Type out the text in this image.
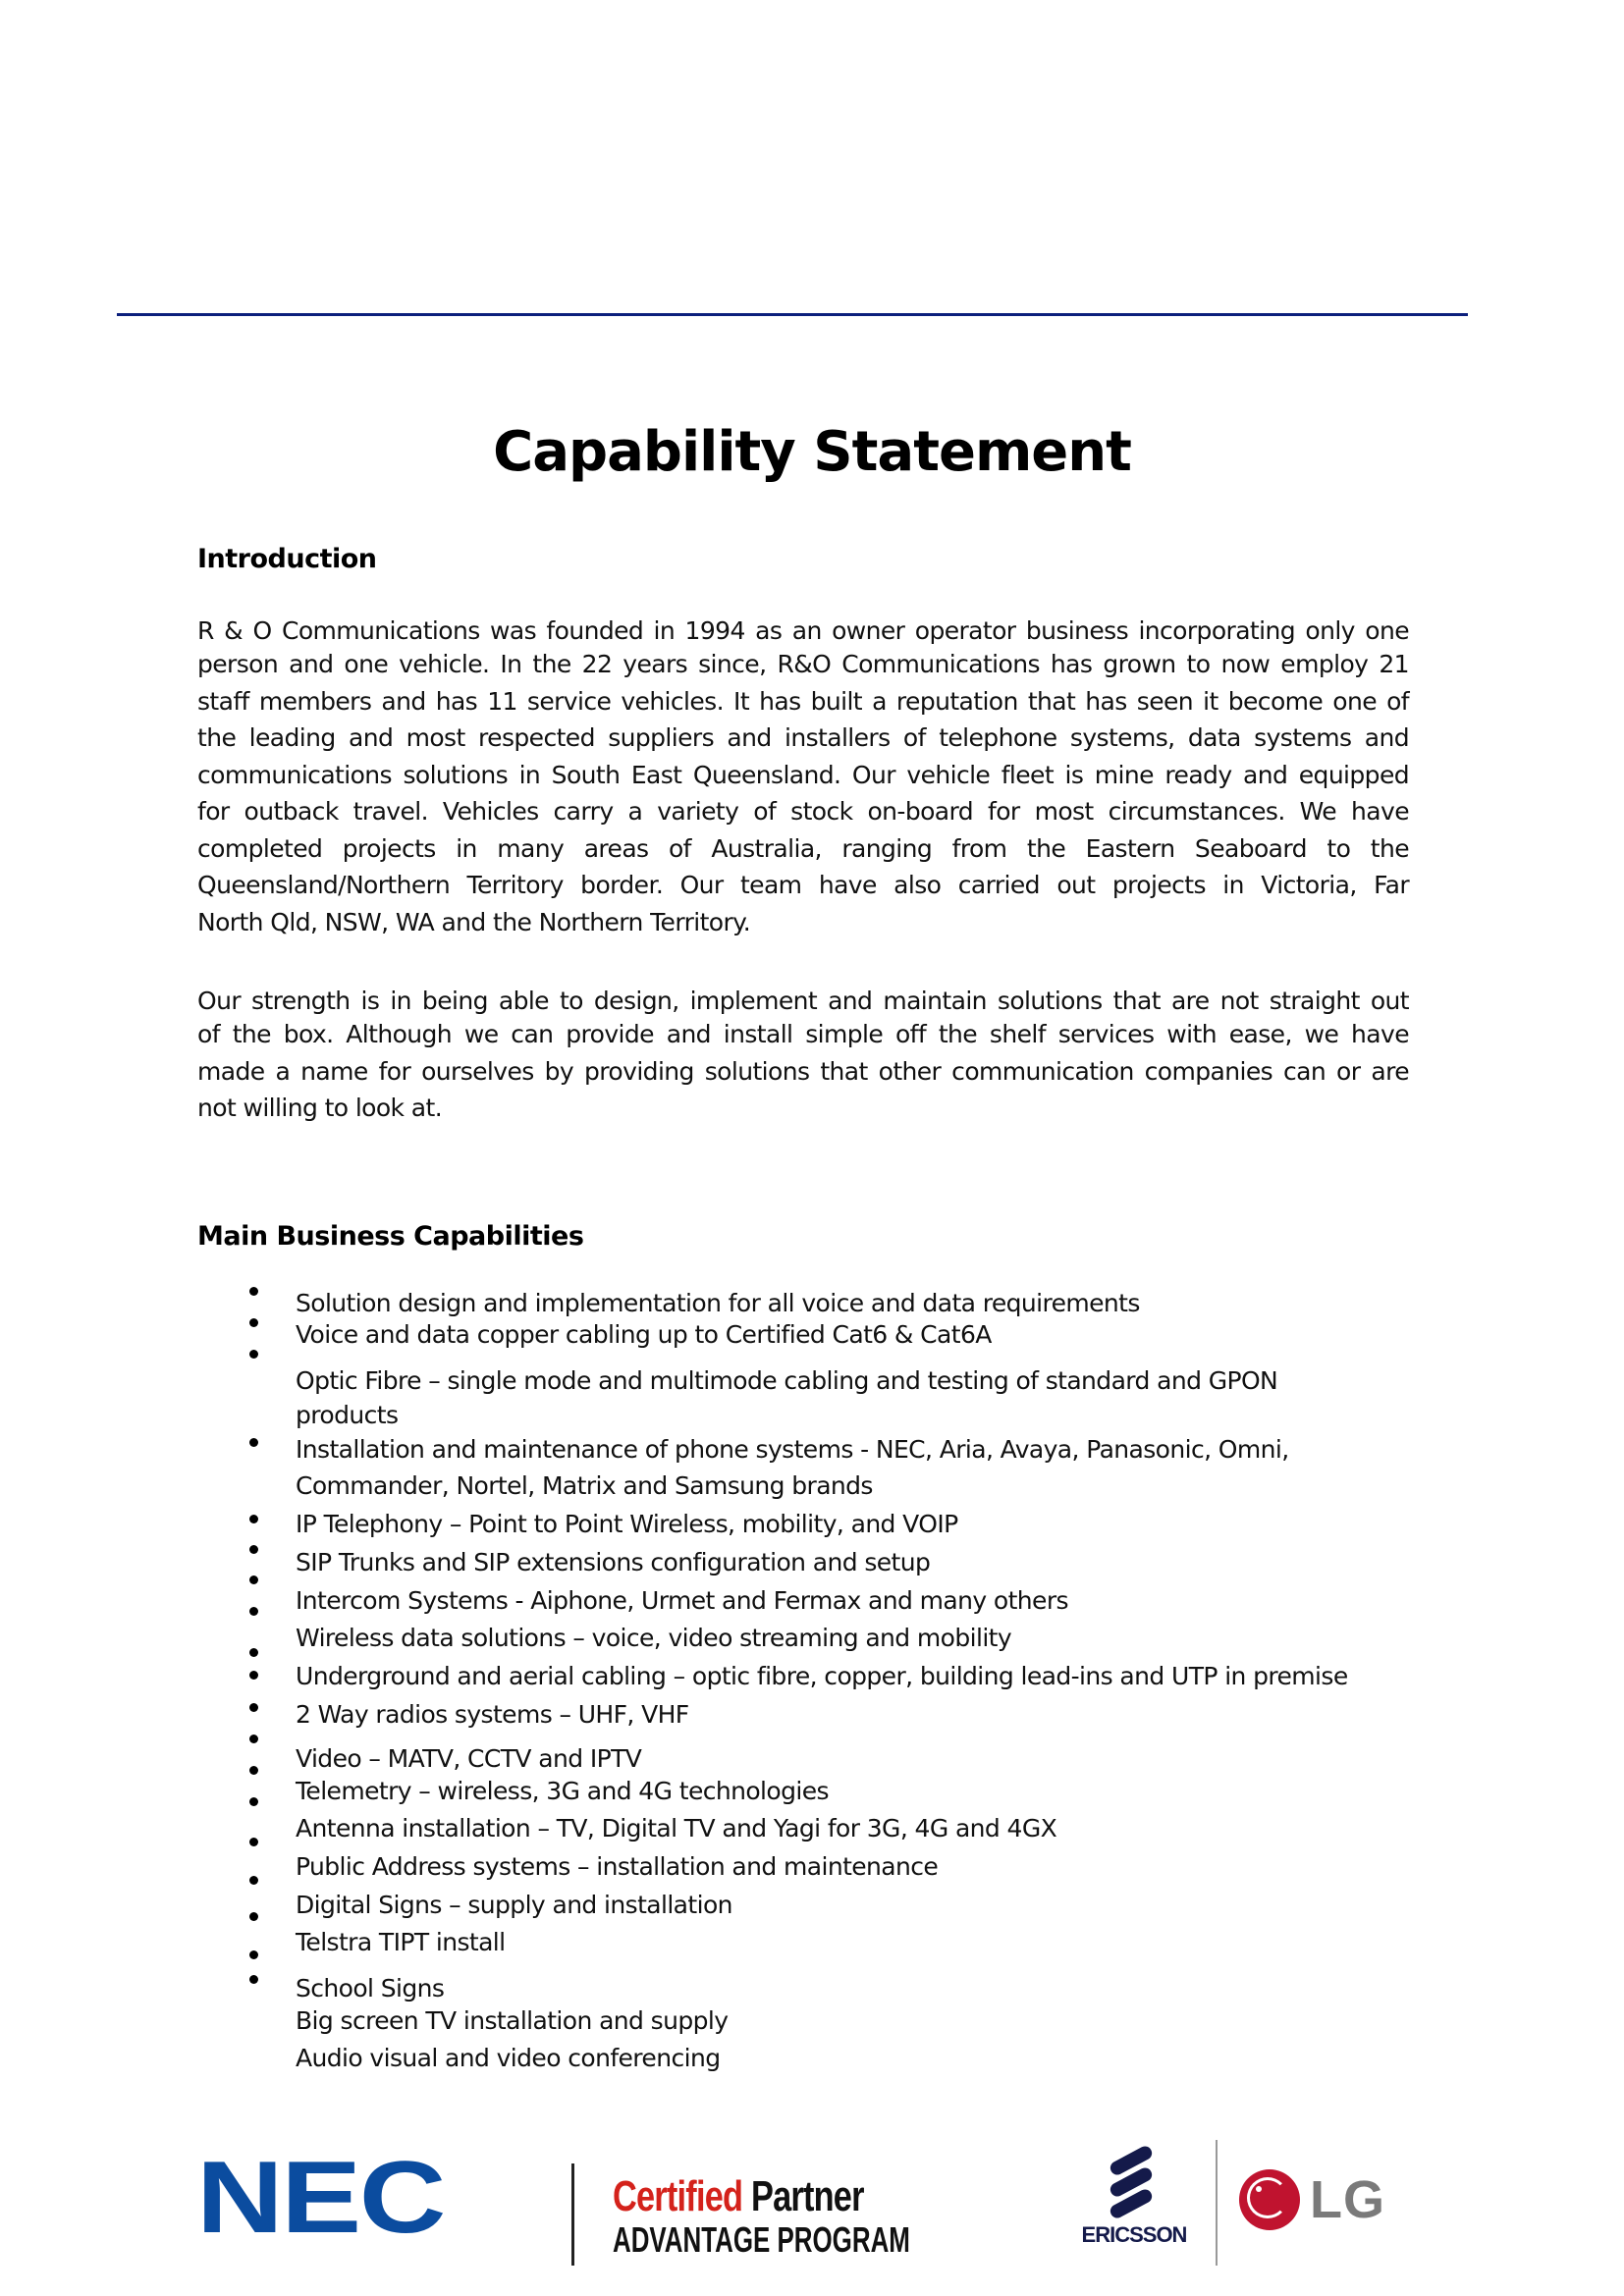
Capability Statement
Introduction
R & O Communications was founded in 1994 as an owner operator business incorporating only one
person and one vehicle. In the 22 years since, R&O Communications has grown to now employ 21
staff members and has 11 service vehicles. It has built a reputation that has seen it become one of
the leading and most respected suppliers and installers of telephone systems, data systems and
communications solutions in South East Queensland. Our vehicle fleet is mine ready and equipped
for outback travel. Vehicles carry a variety of stock on-board for most circumstances. We have
completed projects in many areas of Australia, ranging from the Eastern Seaboard to the
Queensland/Northern Territory border. Our team have also carried out projects in Victoria, Far
North Qld, NSW, WA and the Northern Territory.
Our strength is in being able to design, implement and maintain solutions that are not straight out
of the box. Although we can provide and install simple off the shelf services with ease, we have
made a name for ourselves by providing solutions that other communication companies can or are
not willing to look at.
Main Business Capabilities
Solution design and implementation for all voice and data requirements
Voice and data copper cabling up to Certified Cat6 & Cat6A
Optic Fibre – single mode and multimode cabling and testing of standard and GPON
products
Installation and maintenance of phone systems - NEC, Aria, Avaya, Panasonic, Omni,
Commander, Nortel, Matrix and Samsung brands
IP Telephony – Point to Point Wireless, mobility, and VOIP
SIP Trunks and SIP extensions configuration and setup
Intercom Systems - Aiphone, Urmet and Fermax and many others
Wireless data solutions – voice, video streaming and mobility
Underground and aerial cabling – optic fibre, copper, building lead-ins and UTP in premise
2 Way radios systems – UHF, VHF
Video – MATV, CCTV and IPTV
Telemetry – wireless, 3G and 4G technologies
Antenna installation – TV, Digital TV and Yagi for 3G, 4G and 4GX
Public Address systems – installation and maintenance
Digital Signs – supply and installation
Telstra TIPT install
School Signs
Big screen TV installation and supply
Audio visual and video conferencing
NEC	Certified Partner
ADVANTAGE PROGRAM	ERICSSON
LG
